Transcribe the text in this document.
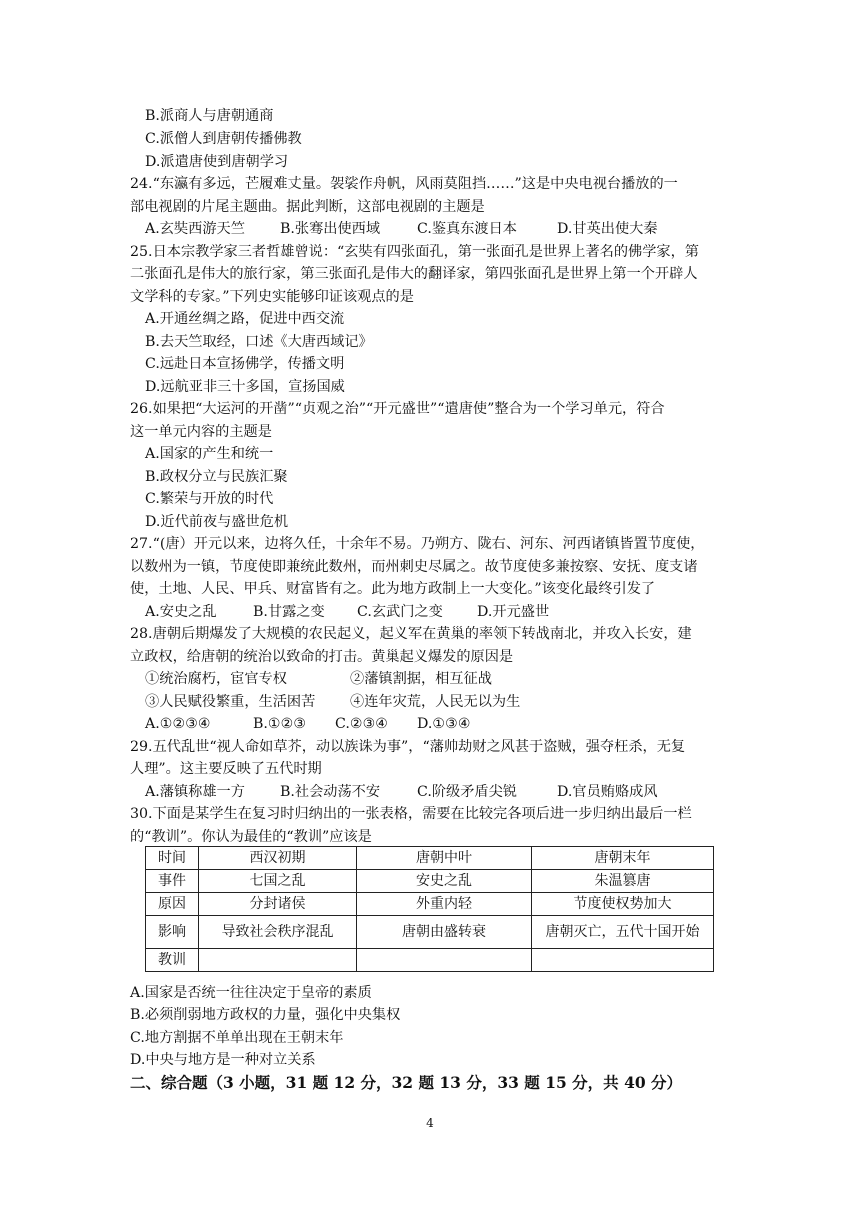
B.派商人与唐朝通商
C.派僧人到唐朝传播佛教
D.派遣唐使到唐朝学习
24.“东瀛有多远，芒履难丈量。袈裟作舟帆，风雨莫阻挡……”这是中央电视台播放的一
部电视剧的片尾主题曲。据此判断，这部电视剧的主题是
A.玄奘西游天竺 B.张骞出使西域	C.鉴真东渡日本	D.甘英出使大秦
25.日本宗教学家三者哲雄曾说：“玄奘有四张面孔，第一张面孔是世界上著名的佛学家，第
二张面孔是伟大的旅行家，第三张面孔是伟大的翻译家，第四张面孔是世界上第一个开辟人
文学科的专家。”下列史实能够印证该观点的是
A.开通丝绸之路，促进中西交流
B.去天竺取经，口述《大唐西域记》
C.远赴日本宣扬佛学，传播文明
D.远航亚非三十多国，宣扬国威
26.如果把“大运河的开凿”“贞观之治”“开元盛世”“遣唐使”整合为一个学习单元，符合
这一单元内容的主题是
A.国家的产生和统一
B.政权分立与民族汇聚
C.繁荣与开放的时代
D.近代前夜与盛世危机
27.“(唐）开元以来，边将久任，十余年不易。乃朔方、陇右、河东、河西诸镇皆置节度使，
以数州为一镇，节度使即兼统此数州，而州刺史尽属之。故节度使多兼按察、安抚、度支诸
使，土地、人民、甲兵、财富皆有之。此为地方政制上一大变化。”该变化最终引发了
A.安史之乱	B.甘露之变 C.玄武门之变 D.开元盛世
28.唐朝后期爆发了大规模的农民起义，起义军在黄巢的率领下转战南北，并攻入长安，建
立政权，给唐朝的统治以致命的打击。黄巢起义爆发的原因是
①统治腐朽，宦官专权	②藩镇割据，相互征战
③人民赋役繁重，生活困苦 ④连年灾荒，人民无以为生
A.①②③④	B.①②③ C.②③④ D.①③④
29.五代乱世“视人命如草芥，动以族诛为事”，“藩帅劫财之风甚于盗贼，强夺枉杀，无复
人理”。这主要反映了五代时期
A.藩镇称雄一方 B.社会动荡不安	C.阶级矛盾尖锐	D.官员贿赂成风
30.下面是某学生在复习时归纳出的一张表格，需要在比较完各项后进一步归纳出最后一栏
的“教训”。你认为最佳的“教训”应该是
时间	西汉初期	唐朝中叶	唐朝末年
事件	七国之乱	安史之乱	朱温篡唐
原因	分封诸侯	外重内轻	节度使权势加大
影响	导致社会秩序混乱	唐朝由盛转衰	唐朝灭亡，五代十国开始
教训			
A.国家是否统一往往决定于皇帝的素质
B.必须削弱地方政权的力量，强化中央集权
C.地方割据不单单出现在王朝末年
D.中央与地方是一种对立关系
二、综合题（3 小题，31 题 12 分，32 题 13 分，33 题 15 分，共 40 分）
4
